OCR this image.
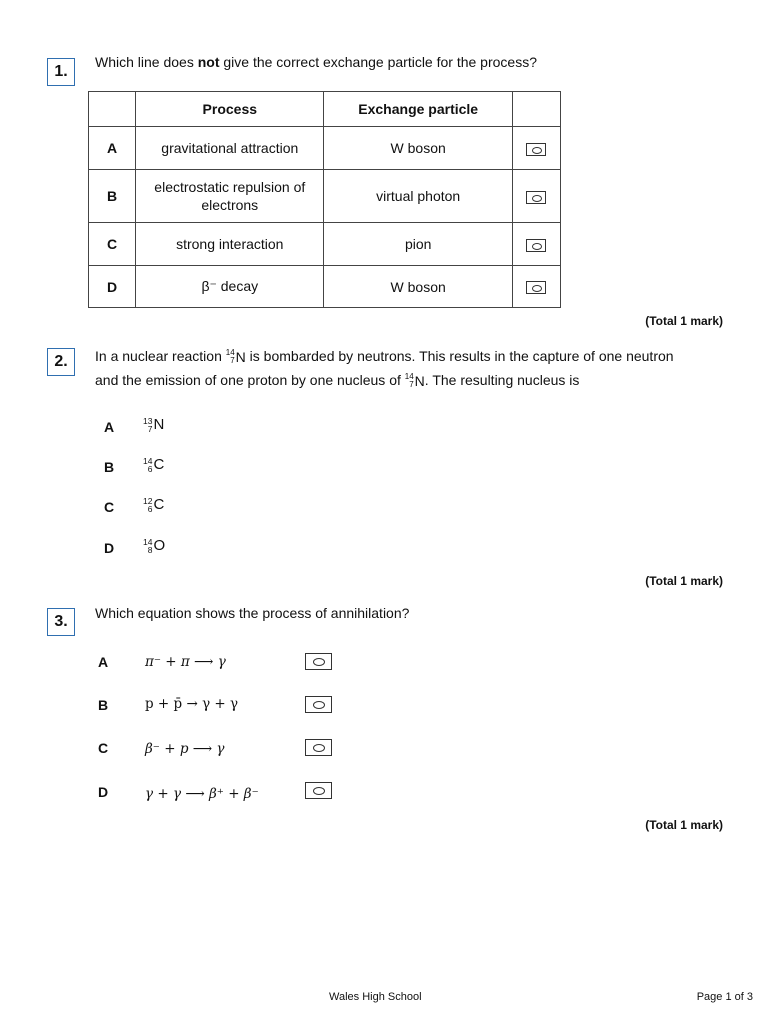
1.
Which line does not give the correct exchange particle for the process?
	Process	Exchange particle	
A	gravitational attraction	W boson	
B	electrostatic repulsion of electrons	virtual photon	
C	strong interaction	pion	
D	β⁻ decay	W boson	
(Total 1 mark)
2.	In a nuclear reaction 14
7 N is bombarded by neutrons. This results in the capture of one neutron
and the emission of one proton by one nucleus of 14
7 N . The resulting nucleus is
A	13
7 N
B	14
6 C
C	12
6 C
D	14
8 O
(Total 1 mark)
3.	Which equation shows the process of annihilation?
A	π⁻ + π ⟶ γ
B	p + p̄ → γ + γ
C	β⁻ + p ⟶ γ
D	γ + γ ⟶ β⁺ + β⁻
(Total 1 mark)
Wales High School	Page 1 of 3
